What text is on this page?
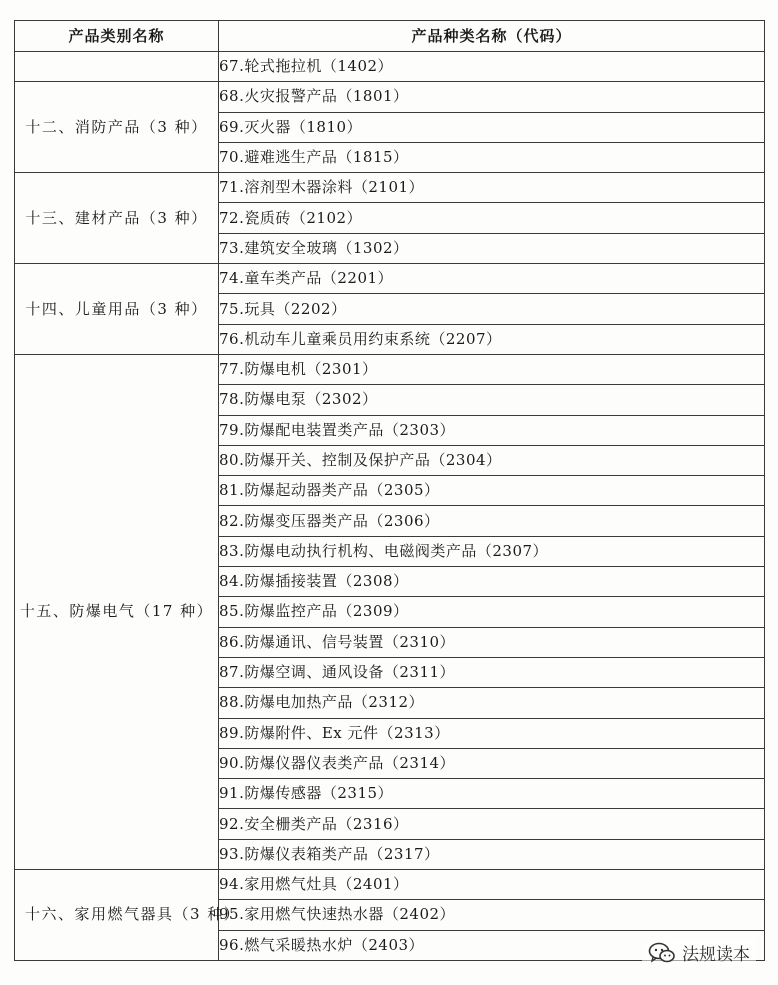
产品类别名称	产品种类名称（代码）
	67.轮式拖拉机（1402）
十二、消防产品（3 种）	68.火灾报警产品（1801）
	69.灭火器（1810）
	70.避难逃生产品（1815）
十三、建材产品（3 种）	71.溶剂型木器涂料（2101）
	72.瓷质砖（2102）
	73.建筑安全玻璃（1302）
十四、儿童用品（3 种）	74.童车类产品（2201）
	75.玩具（2202）
	76.机动车儿童乘员用约束系统（2207）
十五、防爆电气（17 种）	77.防爆电机（2301）
	78.防爆电泵（2302）
	79.防爆配电装置类产品（2303）
	80.防爆开关、控制及保护产品（2304）
	81.防爆起动器类产品（2305）
	82.防爆变压器类产品（2306）
	83.防爆电动执行机构、电磁阀类产品（2307）
	84.防爆插接装置（2308）
	85.防爆监控产品（2309）
	86.防爆通讯、信号装置（2310）
	87.防爆空调、通风设备（2311）
	88.防爆电加热产品（2312）
	89.防爆附件、Ex 元件（2313）
	90.防爆仪器仪表类产品（2314）
	91.防爆传感器（2315）
	92.安全栅类产品（2316）
	93.防爆仪表箱类产品（2317）
十六、家用燃气器具（3 种）	94.家用燃气灶具（2401）
	95.家用燃气快速热水器（2402）
	96.燃气采暖热水炉（2403）
法规读本
